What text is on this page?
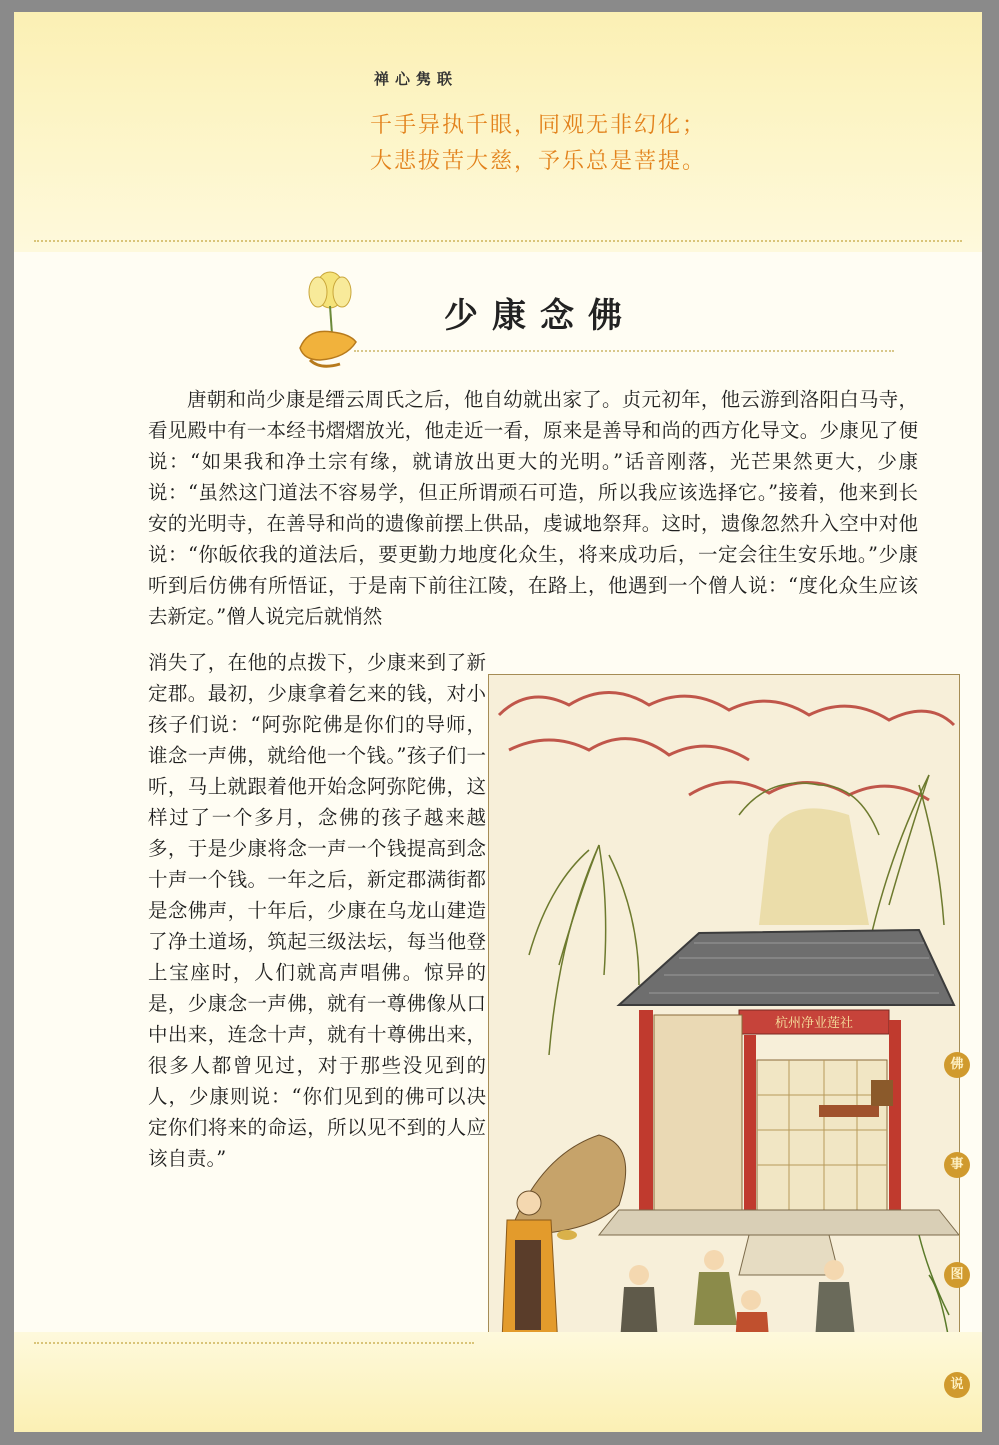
禅心隽联
千手异执千眼，同观无非幻化；
大悲拔苦大慈，予乐总是菩提。
少康念佛

唐朝和尚少康是缙云周氏之后，他自幼就出家了。贞元初年，他云游到洛阳白马寺，看见殿中有一本经书熠熠放光，他走近一看，原来是善导和尚的西方化导文。少康见了便说：“如果我和净土宗有缘，就请放出更大的光明。”话音刚落，光芒果然更大，少康说：“虽然这门道法不容易学，但正所谓顽石可造，所以我应该选择它。”接着，他来到长安的光明寺，在善导和尚的遗像前摆上供品，虔诚地祭拜。这时，遗像忽然升入空中对他说：“你皈依我的道法后，要更勤力地度化众生，将来成功后，一定会往生安乐地。”少康听到后仿佛有所悟证，于是南下前往江陵，在路上，他遇到一个僧人说：“度化众生应该去新定。”僧人说完后就悄然

消失了，在他的点拨下，少康来到了新定郡。最初，少康拿着乞来的钱，对小孩子们说：“阿弥陀佛是你们的导师，谁念一声佛，就给他一个钱。”孩子们一听，马上就跟着他开始念阿弥陀佛，这样过了一个多月，念佛的孩子越来越多，于是少康将念一声一个钱提高到念十声一个钱。一年之后，新定郡满街都是念佛声，十年后，少康在乌龙山建造了净土道场，筑起三级法坛，每当他登上宝座时，人们就高声唱佛。惊异的是，少康念一声佛，就有一尊佛像从口中出来，连念十声，就有十尊佛出来，很多人都曾见过，对于那些没见到的人，少康则说：“你们见到的佛可以决定你们将来的命运，所以见不到的人应该自责。”

杭州净业莲社
佛
事
图
说
